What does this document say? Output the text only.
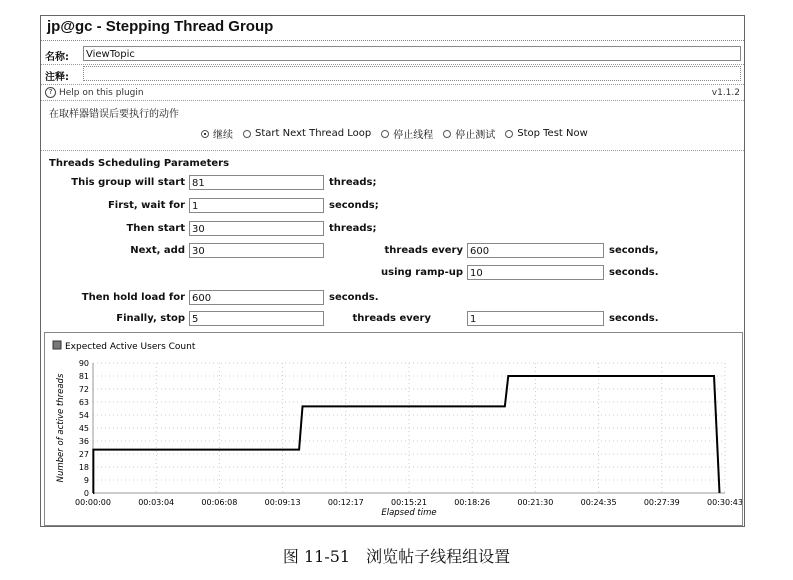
jp@gc - Stepping Thread Group
名称:	ViewTopic
注释:
? Help on this plugin	v1.1.2
在取样器错误后要执行的动作
继续 Start Next Thread Loop 停止线程 停止测试 Stop Test Now
Threads Scheduling Parameters
This group will start 81	threads;
First, wait for 1	seconds;
Then start 30	threads;
Next, add 30	threads every 600	seconds,
using ramp-up 10	seconds.
Then hold load for 600	seconds.
Finally, stop 5	threads every	1	seconds.
Expected Active Users Count
0
9
18
27
36
45
54
63
72
81
90
00:00:00	00:03:04	00:06:08	00:09:13	00:12:17	00:15:21	00:18:26	00:21:30	00:24:35	00:27:39	00:30:43
Elapsed time
Number of active threads
图 11-51　浏览帖子线程组设置
